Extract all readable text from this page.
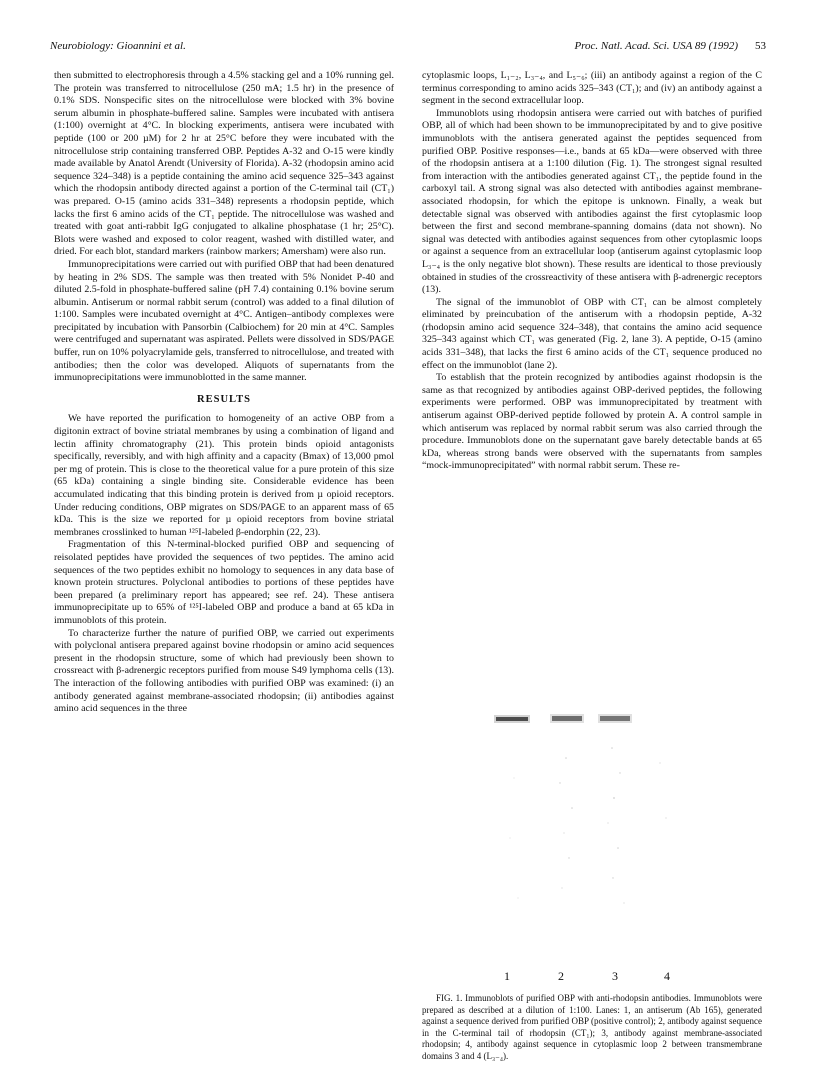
Neurobiology: Gioannini et al.	Proc. Natl. Acad. Sci. USA 89 (1992) 53

then submitted to electrophoresis through a 4.5% stacking gel and a 10% running gel. The protein was transferred to nitrocellulose (250 mA; 1.5 hr) in the presence of 0.1% SDS. Nonspecific sites on the nitrocellulose were blocked with 3% bovine serum albumin in phosphate-buffered saline. Samples were incubated with antisera (1:100) overnight at 4°C. In blocking experiments, antisera were incubated with peptide (100 or 200 µM) for 2 hr at 25°C before they were incubated with the nitrocellulose strip containing transferred OBP. Peptides A-32 and O-15 were kindly made available by Anatol Arendt (University of Florida). A-32 (rhodopsin amino acid sequence 324–348) is a peptide containing the amino acid sequence 325–343 against which the rhodopsin antibody directed against a portion of the C-terminal tail (CT₁) was prepared. O-15 (amino acids 331–348) represents a rhodopsin peptide, which lacks the first 6 amino acids of the CT₁ peptide. The nitrocellulose was washed and treated with goat anti-rabbit IgG conjugated to alkaline phosphatase (1 hr; 25°C). Blots were washed and exposed to color reagent, washed with distilled water, and dried. For each blot, standard markers (rainbow markers; Amersham) were also run.

Immunoprecipitations were carried out with purified OBP that had been denatured by heating in 2% SDS. The sample was then treated with 5% Nonidet P-40 and diluted 2.5-fold in phosphate-buffered saline (pH 7.4) containing 0.1% bovine serum albumin. Antiserum or normal rabbit serum (control) was added to a final dilution of 1:100. Samples were incubated overnight at 4°C. Antigen–antibody complexes were precipitated by incubation with Pansorbin (Calbiochem) for 20 min at 4°C. Samples were centrifuged and supernatant was aspirated. Pellets were dissolved in SDS/PAGE buffer, run on 10% polyacrylamide gels, transferred to nitrocellulose, and treated with antibodies; then the color was developed. Aliquots of supernatants from the immunoprecipitations were immunoblotted in the same manner.

RESULTS

We have reported the purification to homogeneity of an active OBP from a digitonin extract of bovine striatal membranes by using a combination of ligand and lectin affinity chromatography (21). This protein binds opioid antagonists specifically, reversibly, and with high affinity and a capacity (Bmax) of 13,000 pmol per mg of protein. This is close to the theoretical value for a pure protein of this size (65 kDa) containing a single binding site. Considerable evidence has been accumulated indicating that this binding protein is derived from µ opioid receptors. Under reducing conditions, OBP migrates on SDS/PAGE to an apparent mass of 65 kDa. This is the size we reported for µ opioid receptors from bovine striatal membranes crosslinked to human ¹²⁵I-labeled β-endorphin (22, 23).

Fragmentation of this N-terminal-blocked purified OBP and sequencing of reisolated peptides have provided the sequences of two peptides. The amino acid sequences of the two peptides exhibit no homology to sequences in any data base of known protein structures. Polyclonal antibodies to portions of these peptides have been prepared (a preliminary report has appeared; see ref. 24). These antisera immunoprecipitate up to 65% of ¹²⁵I-labeled OBP and produce a band at 65 kDa in immunoblots of this protein.

To characterize further the nature of purified OBP, we carried out experiments with polyclonal antisera prepared against bovine rhodopsin or amino acid sequences present in the rhodopsin structure, some of which had previously been shown to crossreact with β-adrenergic receptors purified from mouse S49 lymphoma cells (13). The interaction of the following antibodies with purified OBP was examined: (i) an antibody generated against membrane-associated rhodopsin; (ii) antibodies against amino acid sequences in the three

cytoplasmic loops, L₁₋₂, L₃₋₄, and L₅₋₆; (iii) an antibody against a region of the C terminus corresponding to amino acids 325–343 (CT₁); and (iv) an antibody against a segment in the second extracellular loop.

Immunoblots using rhodopsin antisera were carried out with batches of purified OBP, all of which had been shown to be immunoprecipitated by and to give positive immunoblots with the antisera generated against the peptides sequenced from purified OBP. Positive responses—i.e., bands at 65 kDa—were observed with three of the rhodopsin antisera at a 1:100 dilution (Fig. 1). The strongest signal resulted from interaction with the antibodies generated against CT₁, the peptide found in the carboxyl tail. A strong signal was also detected with antibodies against membrane-associated rhodopsin, for which the epitope is unknown. Finally, a weak but detectable signal was observed with antibodies against the first cytoplasmic loop between the first and second membrane-spanning domains (data not shown). No signal was detected with antibodies against sequences from other cytoplasmic loops or against a sequence from an extracellular loop (antiserum against cytoplasmic loop L₃₋₄ is the only negative blot shown). These results are identical to those previously obtained in studies of the crossreactivity of these antisera with β-adrenergic receptors (13).

The signal of the immunoblot of OBP with CT₁ can be almost completely eliminated by preincubation of the antiserum with a rhodopsin peptide, A-32 (rhodopsin amino acid sequence 324–348), that contains the amino acid sequence 325–343 against which CT₁ was generated (Fig. 2, lane 3). A peptide, O-15 (amino acids 331–348), that lacks the first 6 amino acids of the CT₁ sequence produced no effect on the immunoblot (lane 2).

To establish that the protein recognized by antibodies against rhodopsin is the same as that recognized by antibodies against OBP-derived peptides, the following experiments were performed. OBP was immunoprecipitated by treatment with antiserum against OBP-derived peptide followed by protein A. A control sample in which antiserum was replaced by normal rabbit serum was also carried through the procedure. Immunoblots done on the supernatant gave barely detectable bands at 65 kDa, whereas strong bands were observed with the supernatants from samples “mock-immunoprecipitated” with normal rabbit serum. These re-

1	2	3	4
FIG. 1. Immunoblots of purified OBP with anti-rhodopsin antibodies. Immunoblots were prepared as described at a dilution of 1:100. Lanes: 1, an antiserum (Ab 165), generated against a sequence derived from purified OBP (positive control); 2, antibody against sequence in the C-terminal tail of rhodopsin (CT₁); 3, antibody against membrane-associated rhodopsin; 4, antibody against sequence in cytoplasmic loop 2 between transmembrane domains 3 and 4 (L₃₋₄).
